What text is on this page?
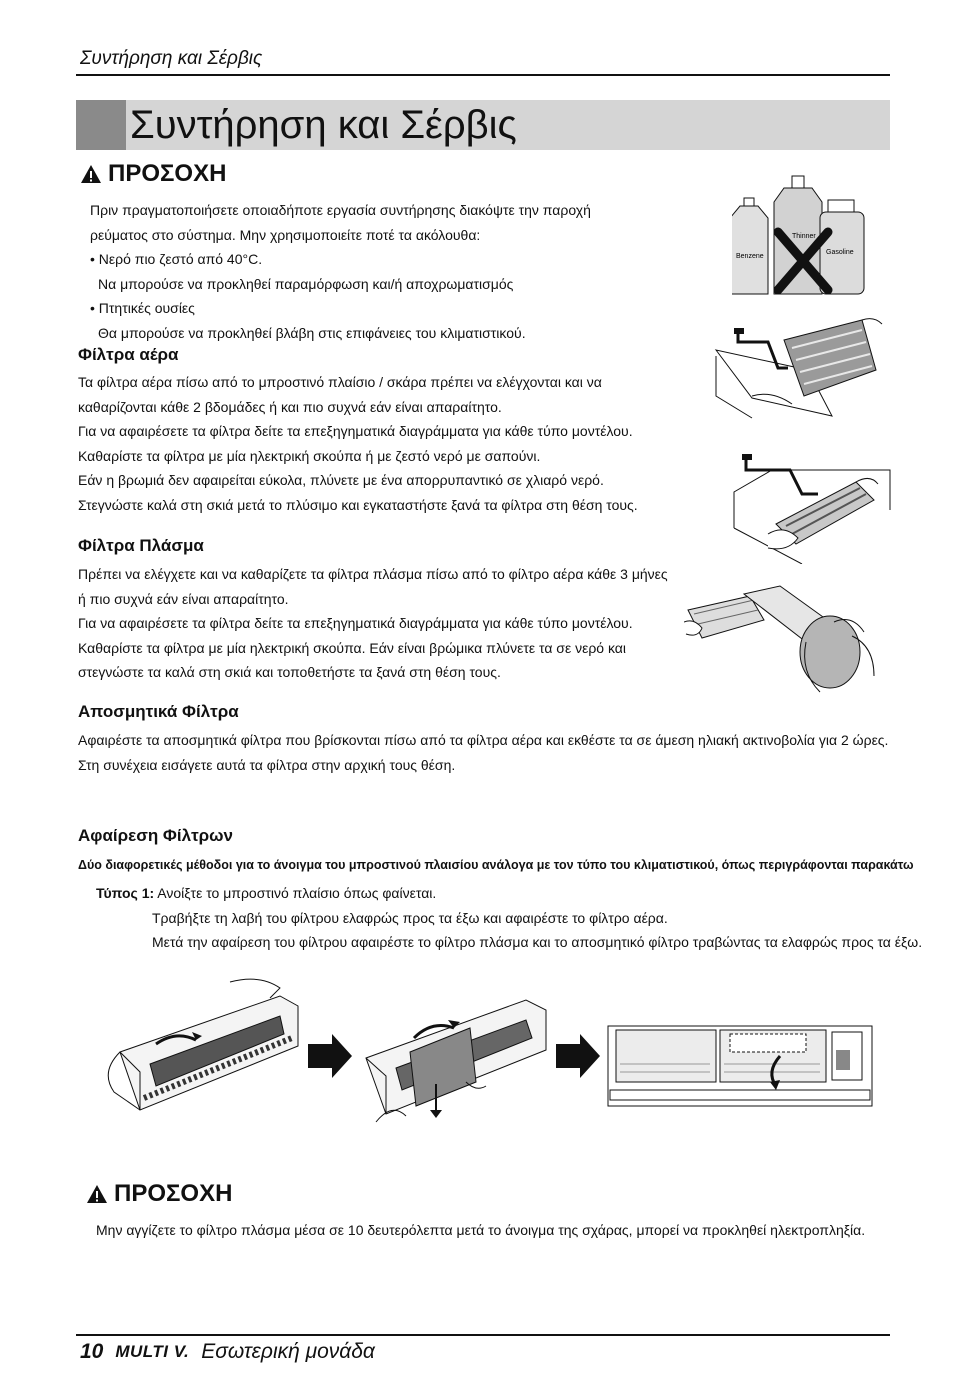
Συντήρηση και Σέρβις
Συντήρηση και Σέρβις
ΠΡΟΣΟΧΗ
Πριν πραγματοποιήσετε οποιαδήποτε εργασία συντήρησης διακόψτε την παροχή
ρεύματος στο σύστημα. Μην χρησιμοποιείτε ποτέ τα ακόλουθα:
• Νερό πιο ζεστό από 40°C.
Να μπορούσε να προκληθεί παραμόρφωση και/ή αποχρωματισμός
• Πτητικές ουσίες
Θα μπορούσε να προκληθεί βλάβη στις επιφάνειες του κλιματιστικού.
Benzene
Thinner
Gasoline
Φίλτρα αέρα
Τα φίλτρα αέρα πίσω από το μπροστινό πλαίσιο / σκάρα πρέπει να ελέγχονται και να
καθαρίζονται κάθε 2 βδομάδες ή και πιο συχνά εάν είναι απαραίτητο.
Για να αφαιρέσετε τα φίλτρα δείτε τα επεξηγηματικά διαγράμματα για κάθε τύπο μοντέλου.
Καθαρίστε τα φίλτρα με μία ηλεκτρική σκούπα ή με ζεστό νερό με σαπούνι.
Εάν η βρωμιά δεν αφαιρείται εύκολα, πλύνετε με ένα απορρυπαντικό σε χλιαρό νερό.
Στεγνώστε καλά στη σκιά μετά το πλύσιμο και εγκαταστήστε ξανά τα φίλτρα στη θέση τους.
Φίλτρα Πλάσμα
Πρέπει να ελέγχετε και να καθαρίζετε τα φίλτρα πλάσμα πίσω από το φίλτρο αέρα κάθε 3 μήνες
ή πιο συχνά εάν είναι απαραίτητο.
Για να αφαιρέσετε τα φίλτρα δείτε τα επεξηγηματικά διαγράμματα για κάθε τύπο μοντέλου.
Καθαρίστε τα φίλτρα με μία ηλεκτρική σκούπα. Εάν είναι βρώμικα πλύνετε τα σε νερό και
στεγνώστε τα καλά στη σκιά και τοποθετήστε τα ξανά στη θέση τους.
Αποσμητικά Φίλτρα
Αφαιρέστε τα αποσμητικά φίλτρα που βρίσκονται πίσω από τα φίλτρα αέρα και εκθέστε τα σε άμεση ηλιακή ακτινοβολία για 2 ώρες.
Στη συνέχεια εισάγετε αυτά τα φίλτρα στην αρχική τους θέση.
Αφαίρεση Φίλτρων
Δύο διαφορετικές μέθοδοι για το άνοιγμα του μπροστινού πλαισίου ανάλογα με τον τύπο του κλιματιστικού, όπως περιγράφονται παρακάτω
Τύπος 1: Ανοίξτε το μπροστινό πλαίσιο όπως φαίνεται.
Τραβήξτε τη λαβή του φίλτρου ελαφρώς προς τα έξω και αφαιρέστε το φίλτρο αέρα.
Μετά την αφαίρεση του φίλτρου αφαιρέστε το φίλτρο πλάσμα και το αποσμητικό φίλτρο τραβώντας τα ελαφρώς προς τα έξω.
ΠΡΟΣΟΧΗ
Μην αγγίζετε το φίλτρο πλάσμα μέσα σε 10 δευτερόλεπτα μετά το άνοιγμα της σχάρας, μπορεί να προκληθεί ηλεκτροπληξία.
10 MULTI V. Εσωτερική μονάδα
